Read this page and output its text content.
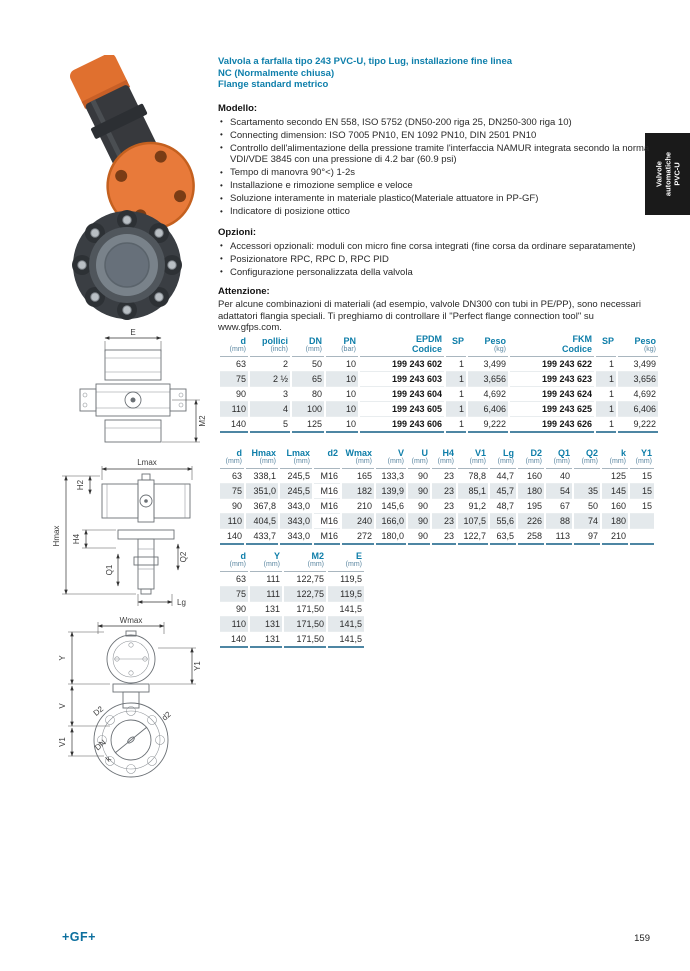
Valvole automatiche PVC-U
Valvola a farfalla tipo 243 PVC-U, tipo Lug, installazione fine linea
NC (Normalmente chiusa)
Flange standard metrico
Modello:
• Scartamento secondo EN 558, ISO 5752 (DN50-200 riga 25, DN250-300 riga 10)
• Connecting dimension: ISO 7005 PN10, EN 1092 PN10, DIN 2501 PN10
• Controllo dell'alimentazione della pressione tramite l'interfaccia NAMUR integrata secondo la norma VDI/VDE 3845 con una pressione di 4.2 bar (60.9 psi)
• Tempo di manovra 90°<) 1-2s
• Installazione e rimozione semplice e veloce
• Soluzione interamente in materiale plastico(Materiale attuatore in PP-GF)
• Indicatore di posizione ottico
Opzioni:
• Accessori opzionali: moduli con micro fine corsa integrati (fine corsa da ordinare separatamente)
• Posizionatore RPC, RPC D, RPC PID
• Configurazione personalizzata della valvola
Attenzione:
Per alcune combinazioni di materiali (ad esempio, valvole DN300 con tubi in PE/PP), sono necessari adattatori flangia speciali. Ti preghiamo di controllare il "Perfect flange connection tool" su www.gfps.com.
E
M2
Lmax
H2
Hmax H4
Q1
Q2
Lg
Wmax
Y
Y1
V
V1
D2	d2
DN
k
d
(mm)

pollici
(inch)

DN
(mm)

PN
(bar)

EPDM
Codice

SP	Peso
(kg)

FKM
Codice

SP	Peso
(kg)

63	2	50	10	199 243 602	1	3,499	199 243 622	1	3,499
75	2 ½	65	10	199 243 603	1	3,656	199 243 623	1	3,656
90	3	80	10	199 243 604	1	4,692	199 243 624	1	4,692
110	4	100	10	199 243 605	1	6,406	199 243 625	1	6,406
140	5	125	10	199 243 606	1	9,222	199 243 626	1	9,222
d
(mm)

Hmax
(mm)

Lmax
(mm)

d2	Wmax
(mm)

V
(mm)

U
(mm)

H4
(mm)

V1
(mm)

Lg
(mm)

D2
(mm)

Q1
(mm)

Q2
(mm)

k
(mm)

Y1
(mm)

63	338,1	245,5	M16	165	133,3	90	23	78,8	44,7	160	40		125	15
75	351,0	245,5	M16	182	139,9	90	23	85,1	45,7	180	54	35	145	15
90	367,8	343,0	M16	210	145,6	90	23	91,2	48,7	195	67	50	160	15
110	404,5	343,0	M16	240	166,0	90	23	107,5	55,6	226	88	74	180	
140	433,7	343,0	M16	272	180,0	90	23	122,7	63,5	258	113	97	210	
d
(mm)

Y
(mm)

M2
(mm)

E
(mm)

63	111	122,75	119,5
75	111	122,75	119,5
90	131	171,50	141,5
110	131	171,50	141,5
140	131	171,50	141,5
+GF+	159
